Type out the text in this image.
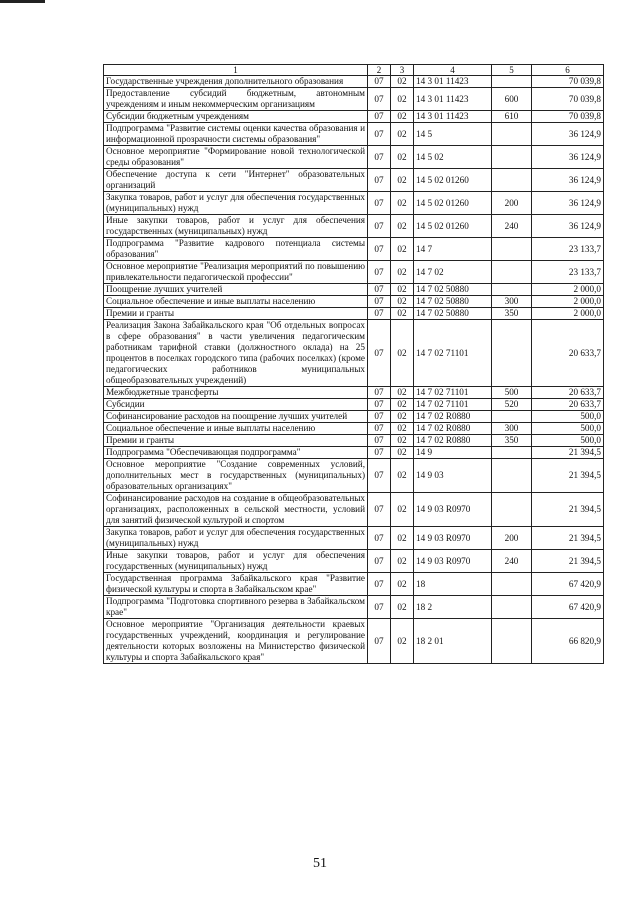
1	2	3	4	5	6
Государственные учреждения дополнительного образования	07	02	14 3 01 11423		70 039,8
Предоставление субсидий бюджетным, автономным учреждениям и иным некоммерческим организациям	07	02	14 3 01 11423	600	70 039,8
Субсидии бюджетным учреждениям	07	02	14 3 01 11423	610	70 039,8
Подпрограмма "Развитие системы оценки качества образования и информационной прозрачности системы образования"	07	02	14 5		36 124,9
Основное мероприятие "Формирование новой технологической среды образования"	07	02	14 5 02		36 124,9
Обеспечение доступа к сети "Интернет" образовательных организаций	07	02	14 5 02 01260		36 124,9
Закупка товаров, работ и услуг для обеспечения государственных (муниципальных) нужд	07	02	14 5 02 01260	200	36 124,9
Иные закупки товаров, работ и услуг для обеспечения государственных (муниципальных) нужд	07	02	14 5 02 01260	240	36 124,9
Подпрограмма "Развитие кадрового потенциала системы образования"	07	02	14 7		23 133,7
Основное мероприятие "Реализация мероприятий по повышению привлекательности педагогической профессии"	07	02	14 7 02		23 133,7
Поощрение лучших учителей	07	02	14 7 02 50880		2 000,0
Социальное обеспечение и иные выплаты населению	07	02	14 7 02 50880	300	2 000,0
Премии и гранты	07	02	14 7 02 50880	350	2 000,0
Реализация Закона Забайкальского края "Об отдельных вопросах в сфере образования" в части увеличения педагогическим работникам тарифной ставки (должностного оклада) на 25 процентов в поселках городского типа (рабочих поселках) (кроме педагогических работников муниципальных общеобразовательных учреждений)	07	02	14 7 02 71101		20 633,7
Межбюджетные трансферты	07	02	14 7 02 71101	500	20 633,7
Субсидии	07	02	14 7 02 71101	520	20 633,7
Софинансирование расходов на поощрение лучших учителей	07	02	14 7 02 R0880		500,0
Социальное обеспечение и иные выплаты населению	07	02	14 7 02 R0880	300	500,0
Премии и гранты	07	02	14 7 02 R0880	350	500,0
Подпрограмма "Обеспечивающая подпрограмма"	07	02	14 9		21 394,5
Основное мероприятие "Создание современных условий, дополнительных мест в государственных (муниципальных) образовательных организациях"	07	02	14 9 03		21 394,5
Софинансирование расходов на создание в общеобразовательных организациях, расположенных в сельской местности, условий для занятий физической культурой и спортом	07	02	14 9 03 R0970		21 394,5
Закупка товаров, работ и услуг для обеспечения государственных (муниципальных) нужд	07	02	14 9 03 R0970	200	21 394,5
Иные закупки товаров, работ и услуг для обеспечения государственных (муниципальных) нужд	07	02	14 9 03 R0970	240	21 394,5
Государственная программа Забайкальского края "Развитие физической культуры и спорта в Забайкальском крае"	07	02	18		67 420,9
Подпрограмма "Подготовка спортивного резерва в Забайкальском крае"	07	02	18 2		67 420,9
Основное мероприятие "Организация деятельности краевых государственных учреждений, координация и регулирование деятельности которых возложены на Министерство физической культуры и спорта Забайкальского края"	07	02	18 2 01		66 820,9
51
